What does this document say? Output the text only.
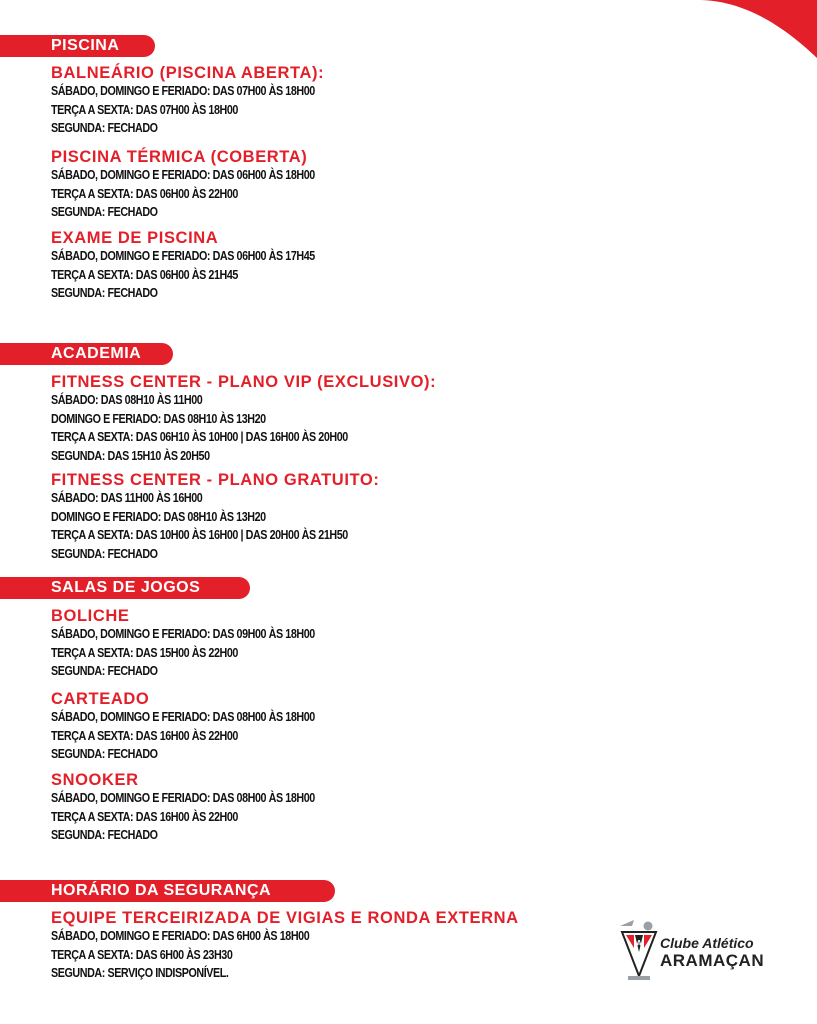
PISCINA

BALNEÁRIO (PISCINA ABERTA):

SÁBADO, DOMINGO E FERIADO: DAS 07H00 ÀS 18H00

TERÇA A SEXTA: DAS 07H00 ÀS 18H00

SEGUNDA: FECHADO

PISCINA TÉRMICA (COBERTA)

SÁBADO, DOMINGO E FERIADO: DAS 06H00 ÀS 18H00

TERÇA A SEXTA: DAS 06H00 ÀS 22H00

SEGUNDA: FECHADO

EXAME DE PISCINA

SÁBADO, DOMINGO E FERIADO: DAS 06H00 ÀS 17H45

TERÇA A SEXTA: DAS 06H00 ÀS 21H45

SEGUNDA: FECHADO

ACADEMIA

FITNESS CENTER - PLANO VIP (EXCLUSIVO):

SÁBADO: DAS 08H10 ÀS 11H00

DOMINGO E FERIADO: DAS 08H10 ÀS 13H20

TERÇA A SEXTA: DAS 06H10 ÀS 10H00 | DAS 16H00 ÀS 20H00

SEGUNDA: DAS 15H10 ÀS 20H50

FITNESS CENTER - PLANO GRATUITO:

SÁBADO: DAS 11H00 ÀS 16H00

DOMINGO E FERIADO: DAS 08H10 ÀS 13H20

TERÇA A SEXTA: DAS 10H00 ÀS 16H00 | DAS 20H00 ÀS 21H50

SEGUNDA: FECHADO

SALAS DE JOGOS

BOLICHE

SÁBADO, DOMINGO E FERIADO: DAS 09H00 ÀS 18H00

TERÇA A SEXTA: DAS 15H00 ÀS 22H00

SEGUNDA: FECHADO

CARTEADO

SÁBADO, DOMINGO E FERIADO: DAS 08H00 ÀS 18H00

TERÇA A SEXTA: DAS 16H00 ÀS 22H00

SEGUNDA: FECHADO

SNOOKER

SÁBADO, DOMINGO E FERIADO: DAS 08H00 ÀS 18H00

TERÇA A SEXTA: DAS 16H00 ÀS 22H00

SEGUNDA: FECHADO

HORÁRIO DA SEGURANÇA

EQUIPE TERCEIRIZADA DE VIGIAS E RONDA EXTERNA

SÁBADO, DOMINGO E FERIADO: DAS 6H00 ÀS 18H00

TERÇA A SEXTA: DAS 6H00 ÀS 23H30

SEGUNDA: SERVIÇO INDISPONÍVEL.

A Clube Atlético
ARAMAÇAN
